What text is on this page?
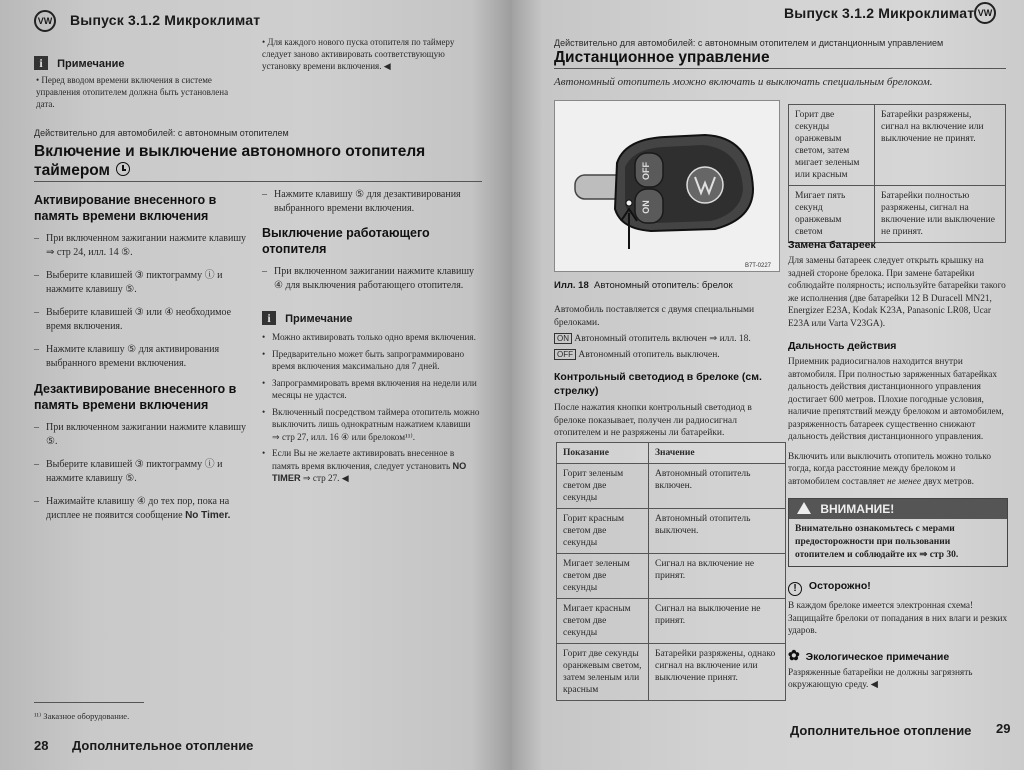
VW Выпуск 3.1.2 Микроклимат
i Примечание
• Перед вводом времени включения в системе управления отопителем должна быть установлена дата.
• Для каждого нового пуска отопителя по таймеру следует заново активировать соответствующую установку времени включения. ◀
Действительно для автомобилей: с автономным отопителем
Включение и выключение автономного отопителя таймером
Активирование внесенного в память времени включения
– При включенном зажигании нажмите клавишу ⇒ стр 24, илл. 14 ⑤.
– Выберите клавишей ③ пиктограмму ⓘ и нажмите клавишу ⑤.
– Выберите клавишей ③ или ④ необходимое время включения.
– Нажмите клавишу ⑤ для активирования выбранного времени включения.
Дезактивирование внесенного в память времени включения
– При включенном зажигании нажмите клавишу ⑤.
– Выберите клавишей ③ пиктограмму ⓘ и нажмите клавишу ⑤.
– Нажимайте клавишу ④ до тех пор, пока на дисплее не появится сообщение No Timer.
– Нажмите клавишу ⑤ для дезактивирования выбранного времени включения.
Выключение работающего отопителя
– При включенном зажигании нажмите клавишу ④ для выключения работающего отопителя.
i Примечание
• Можно активировать только одно время включения.
• Предварительно может быть запрограммировано время включения максимально для 7 дней.
• Запрограммировать время включения на недели или месяцы не удастся.
• Включенный посредством таймера отопитель можно выключить лишь однократным нажатием клавиши ⇒ стр 27, илл. 16 ④ или брелоком¹¹⁾.
• Если Вы не желаете активировать внесенное в память время включения, следует установить NO TIMER ⇒ стр 27. ◀
¹¹⁾ Заказное оборудование.
28 Дополнительное отопление
Выпуск 3.1.2 Микроклимат VW
Действительно для автомобилей: с автономным отопителем и дистанционным управлением
Дистанционное управление
Автономный отопитель можно включать и выключать специальным брелоком.
OFF
ON
B7T-0227
Илл. 18 Автономный отопитель: брелок
Автомобиль поставляется с двумя специальными брелоками.
ON Автономный отопитель включен ⇒ илл. 18.
OFF Автономный отопитель выключен.
Контрольный светодиод в брелоке (см. стрелку)
После нажатия кнопки контрольный светодиод в брелоке показывает, получен ли радиосигнал отопителем и не разряжены ли батарейки.
Показание	Значение
Горит зеленым светом две секунды	Автономный отопитель включен.
Горит красным светом две секунды	Автономный отопитель выключен.
Мигает зеленым светом две секунды	Сигнал на включение не принят.
Мигает красным светом две секунды	Сигнал на выключение не принят.
Горит две секунды оранжевым светом, затем зеленым или красным	Батарейки разряжены, однако сигнал на включение или выключение принят.
Горит две секунды оранжевым светом, затем мигает зеленым или красным	Батарейки разряжены, сигнал на включение или выключение не принят.
Мигает пять секунд оранжевым светом	Батарейки полностью разряжены, сигнал на включение или выключение не принят.
Замена батареек
Для замены батареек следует открыть крышку на задней стороне брелока. При замене батарейки соблюдайте полярность; используйте батарейки такого же исполнения (две батарейки 12 В Duracell MN21, Energizer E23A, Kodak K23A, Panasonic LR08, Ucar E23A или Varta V23GA).
Дальность действия
Приемник радиосигналов находится внутри автомобиля. При полностью заряженных батарейках дальность действия дистанционного управления достигает 600 метров. Плохие погодные условия, наличие препятствий между брелоком и автомобилем, разряженность батареек существенно снижают дальность действия дистанционного управления.
Включить или выключить отопитель можно только тогда, когда расстояние между брелоком и автомобилем составляет не менее двух метров.
ВНИМАНИЕ!
Внимательно ознакомьтесь с мерами предосторожности при пользовании отопителем и соблюдайте их ⇒ стр 30.
! Осторожно!
В каждом брелоке имеется электронная схема! Защищайте брелоки от попадания в них влаги и резких ударов.
✿ Экологическое примечание
Разряженные батарейки не должны загрязнять окружающую среду. ◀
Дополнительное отопление 29
